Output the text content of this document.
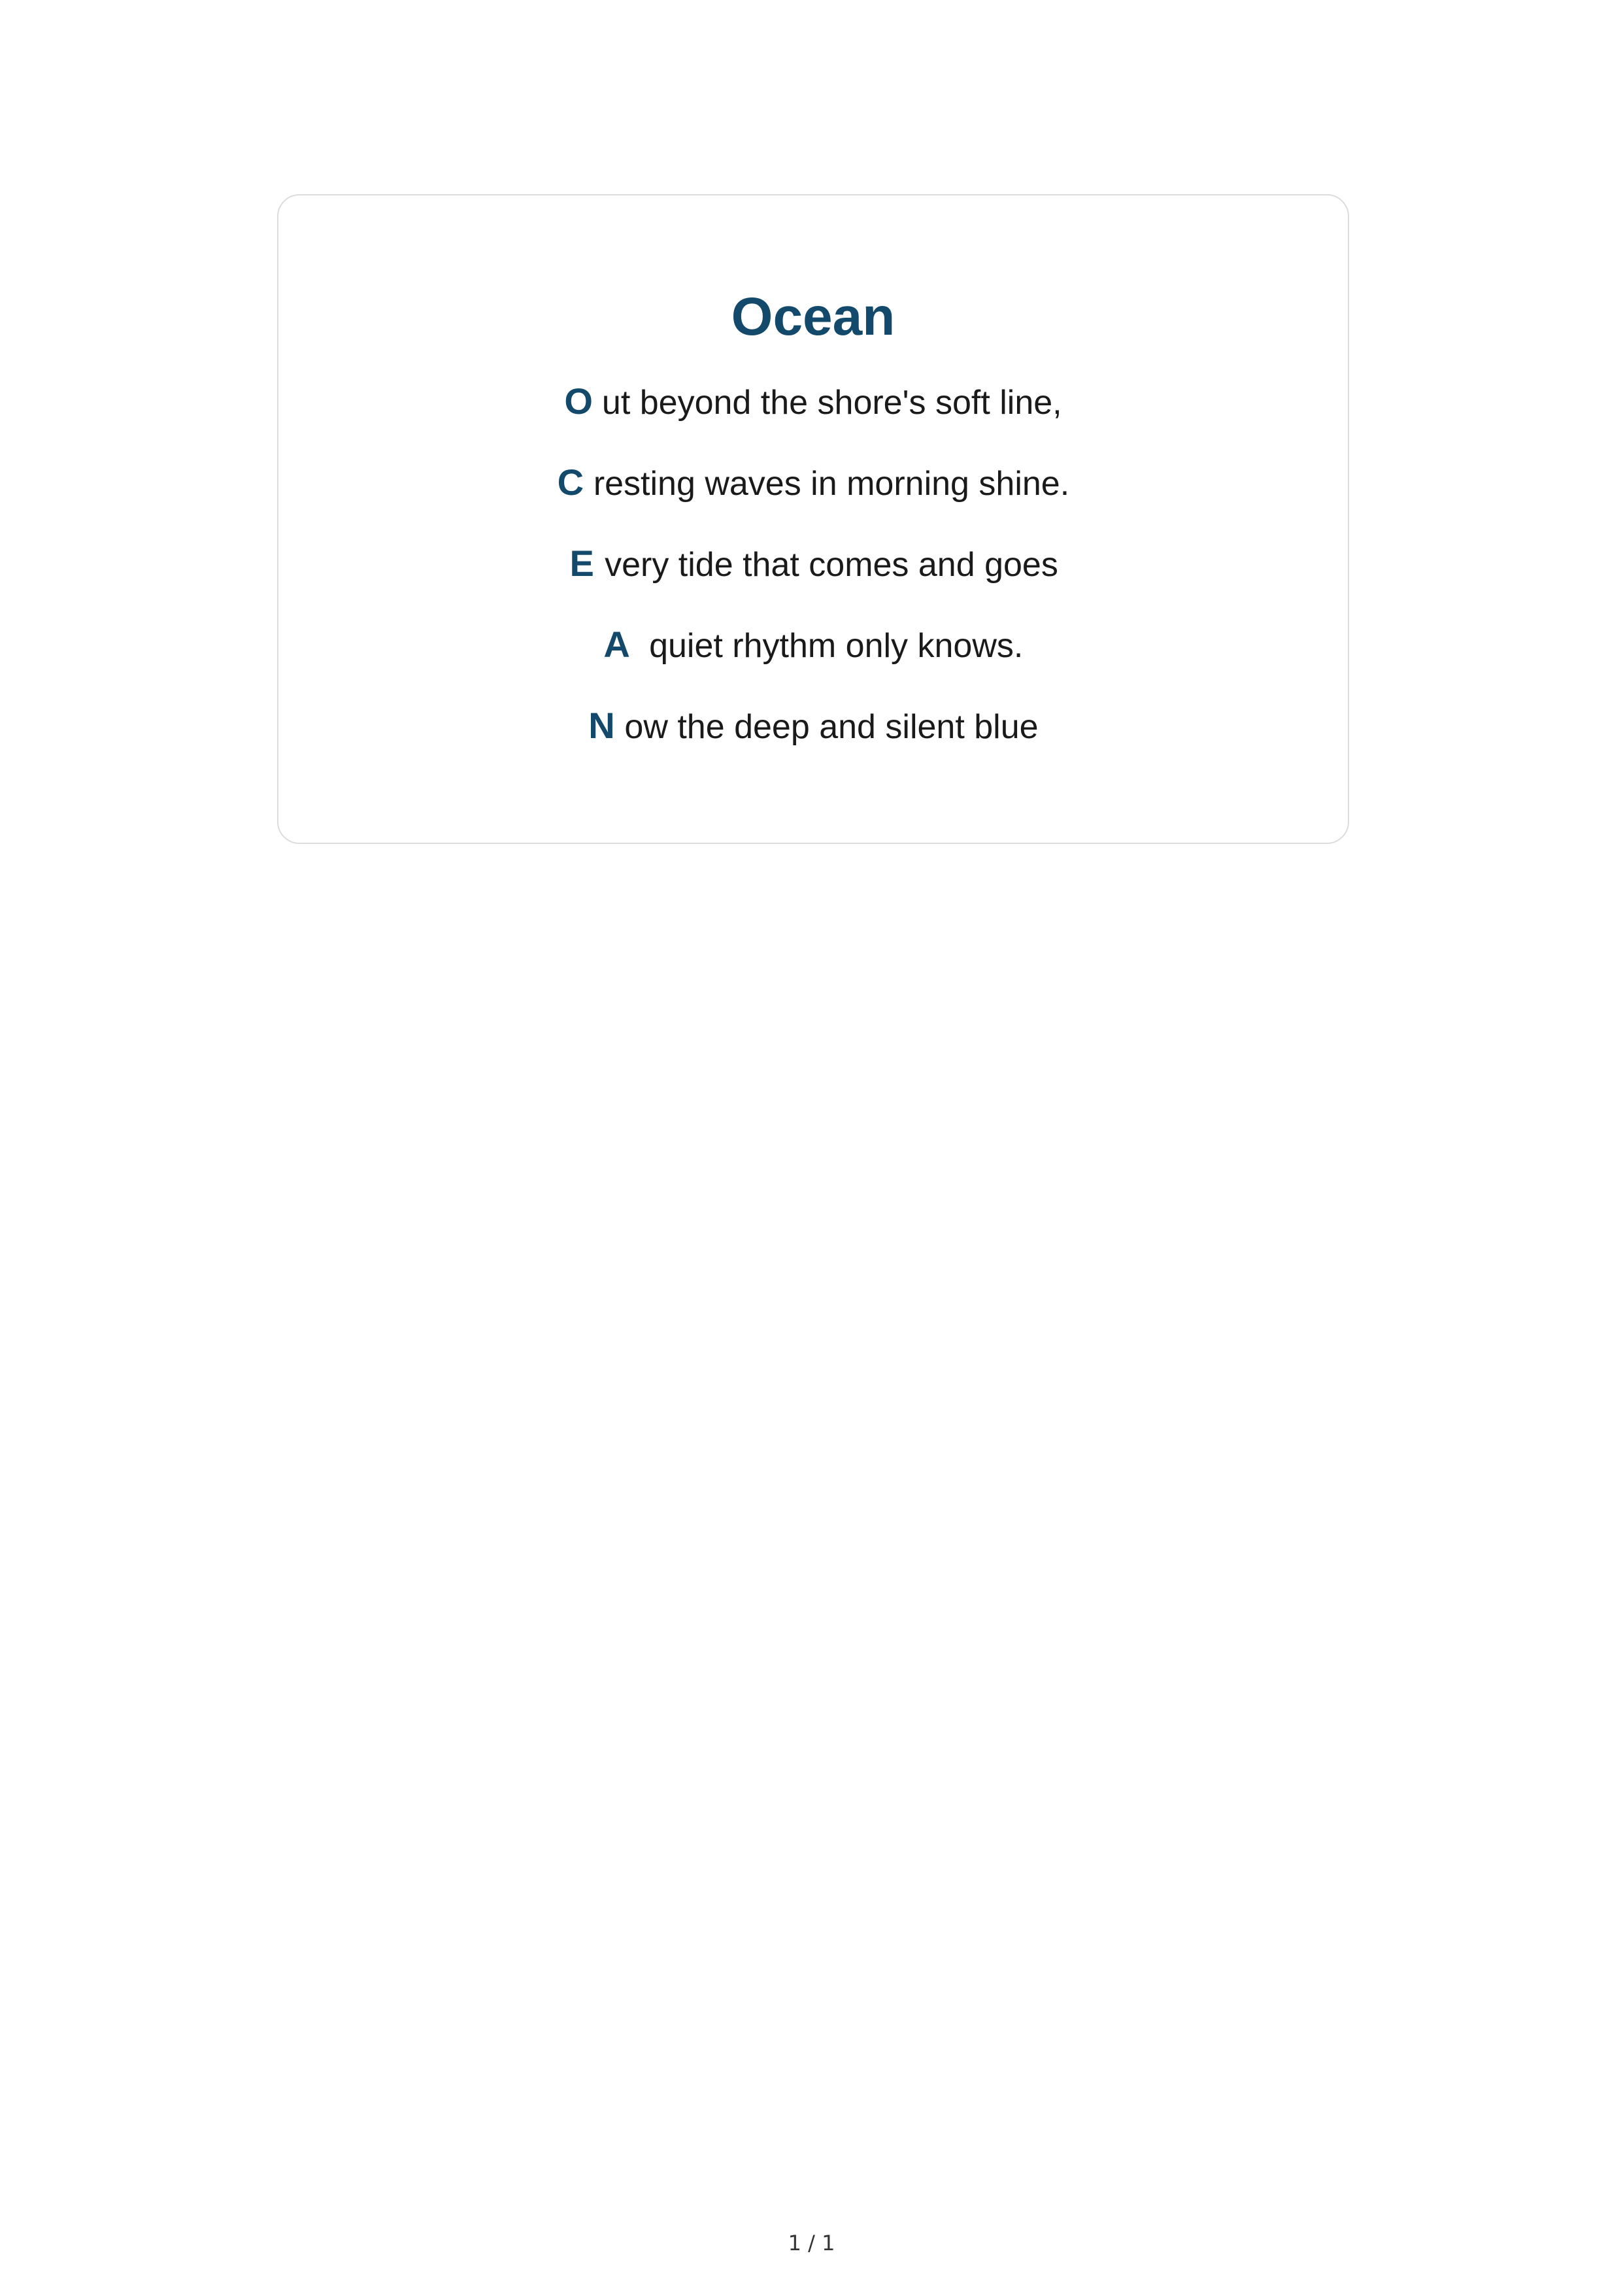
Ocean
O ut beyond the shore's soft line,
C resting waves in morning shine.
E very tide that comes and goes
A quiet rhythm only knows.
N ow the deep and silent blue
1 / 1
